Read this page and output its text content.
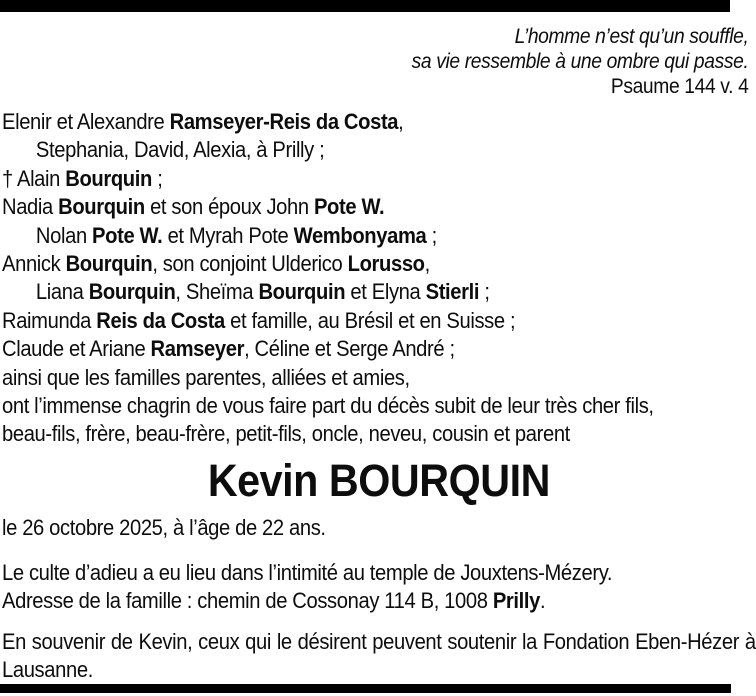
L’homme n’est qu’un souffle,
sa vie ressemble à une ombre qui passe.
Psaume 144 v. 4
Elenir et Alexandre Ramseyer-Reis da Costa,
Stephania, David, Alexia, à Prilly ;
† Alain Bourquin ;
Nadia Bourquin et son époux John Pote W.
Nolan Pote W. et Myrah Pote Wembonyama ;
Annick Bourquin, son conjoint Ulderico Lorusso,
Liana Bourquin, Sheïma Bourquin et Elyna Stierli ;
Raimunda Reis da Costa et famille, au Brésil et en Suisse ;
Claude et Ariane Ramseyer, Céline et Serge André ;
ainsi que les familles parentes, alliées et amies,
ont l’immense chagrin de vous faire part du décès subit de leur très cher fils,
beau-fils, frère, beau-frère, petit-fils, oncle, neveu, cousin et parent
Kevin BOURQUIN
le 26 octobre 2025, à l’âge de 22 ans.
Le culte d’adieu a eu lieu dans l’intimité au temple de Jouxtens-Mézery.
Adresse de la famille : chemin de Cossonay 114 B, 1008 Prilly.

En souvenir de Kevin, ceux qui le désirent peuvent soutenir la Fondation Eben-Hézer à Lausanne.
